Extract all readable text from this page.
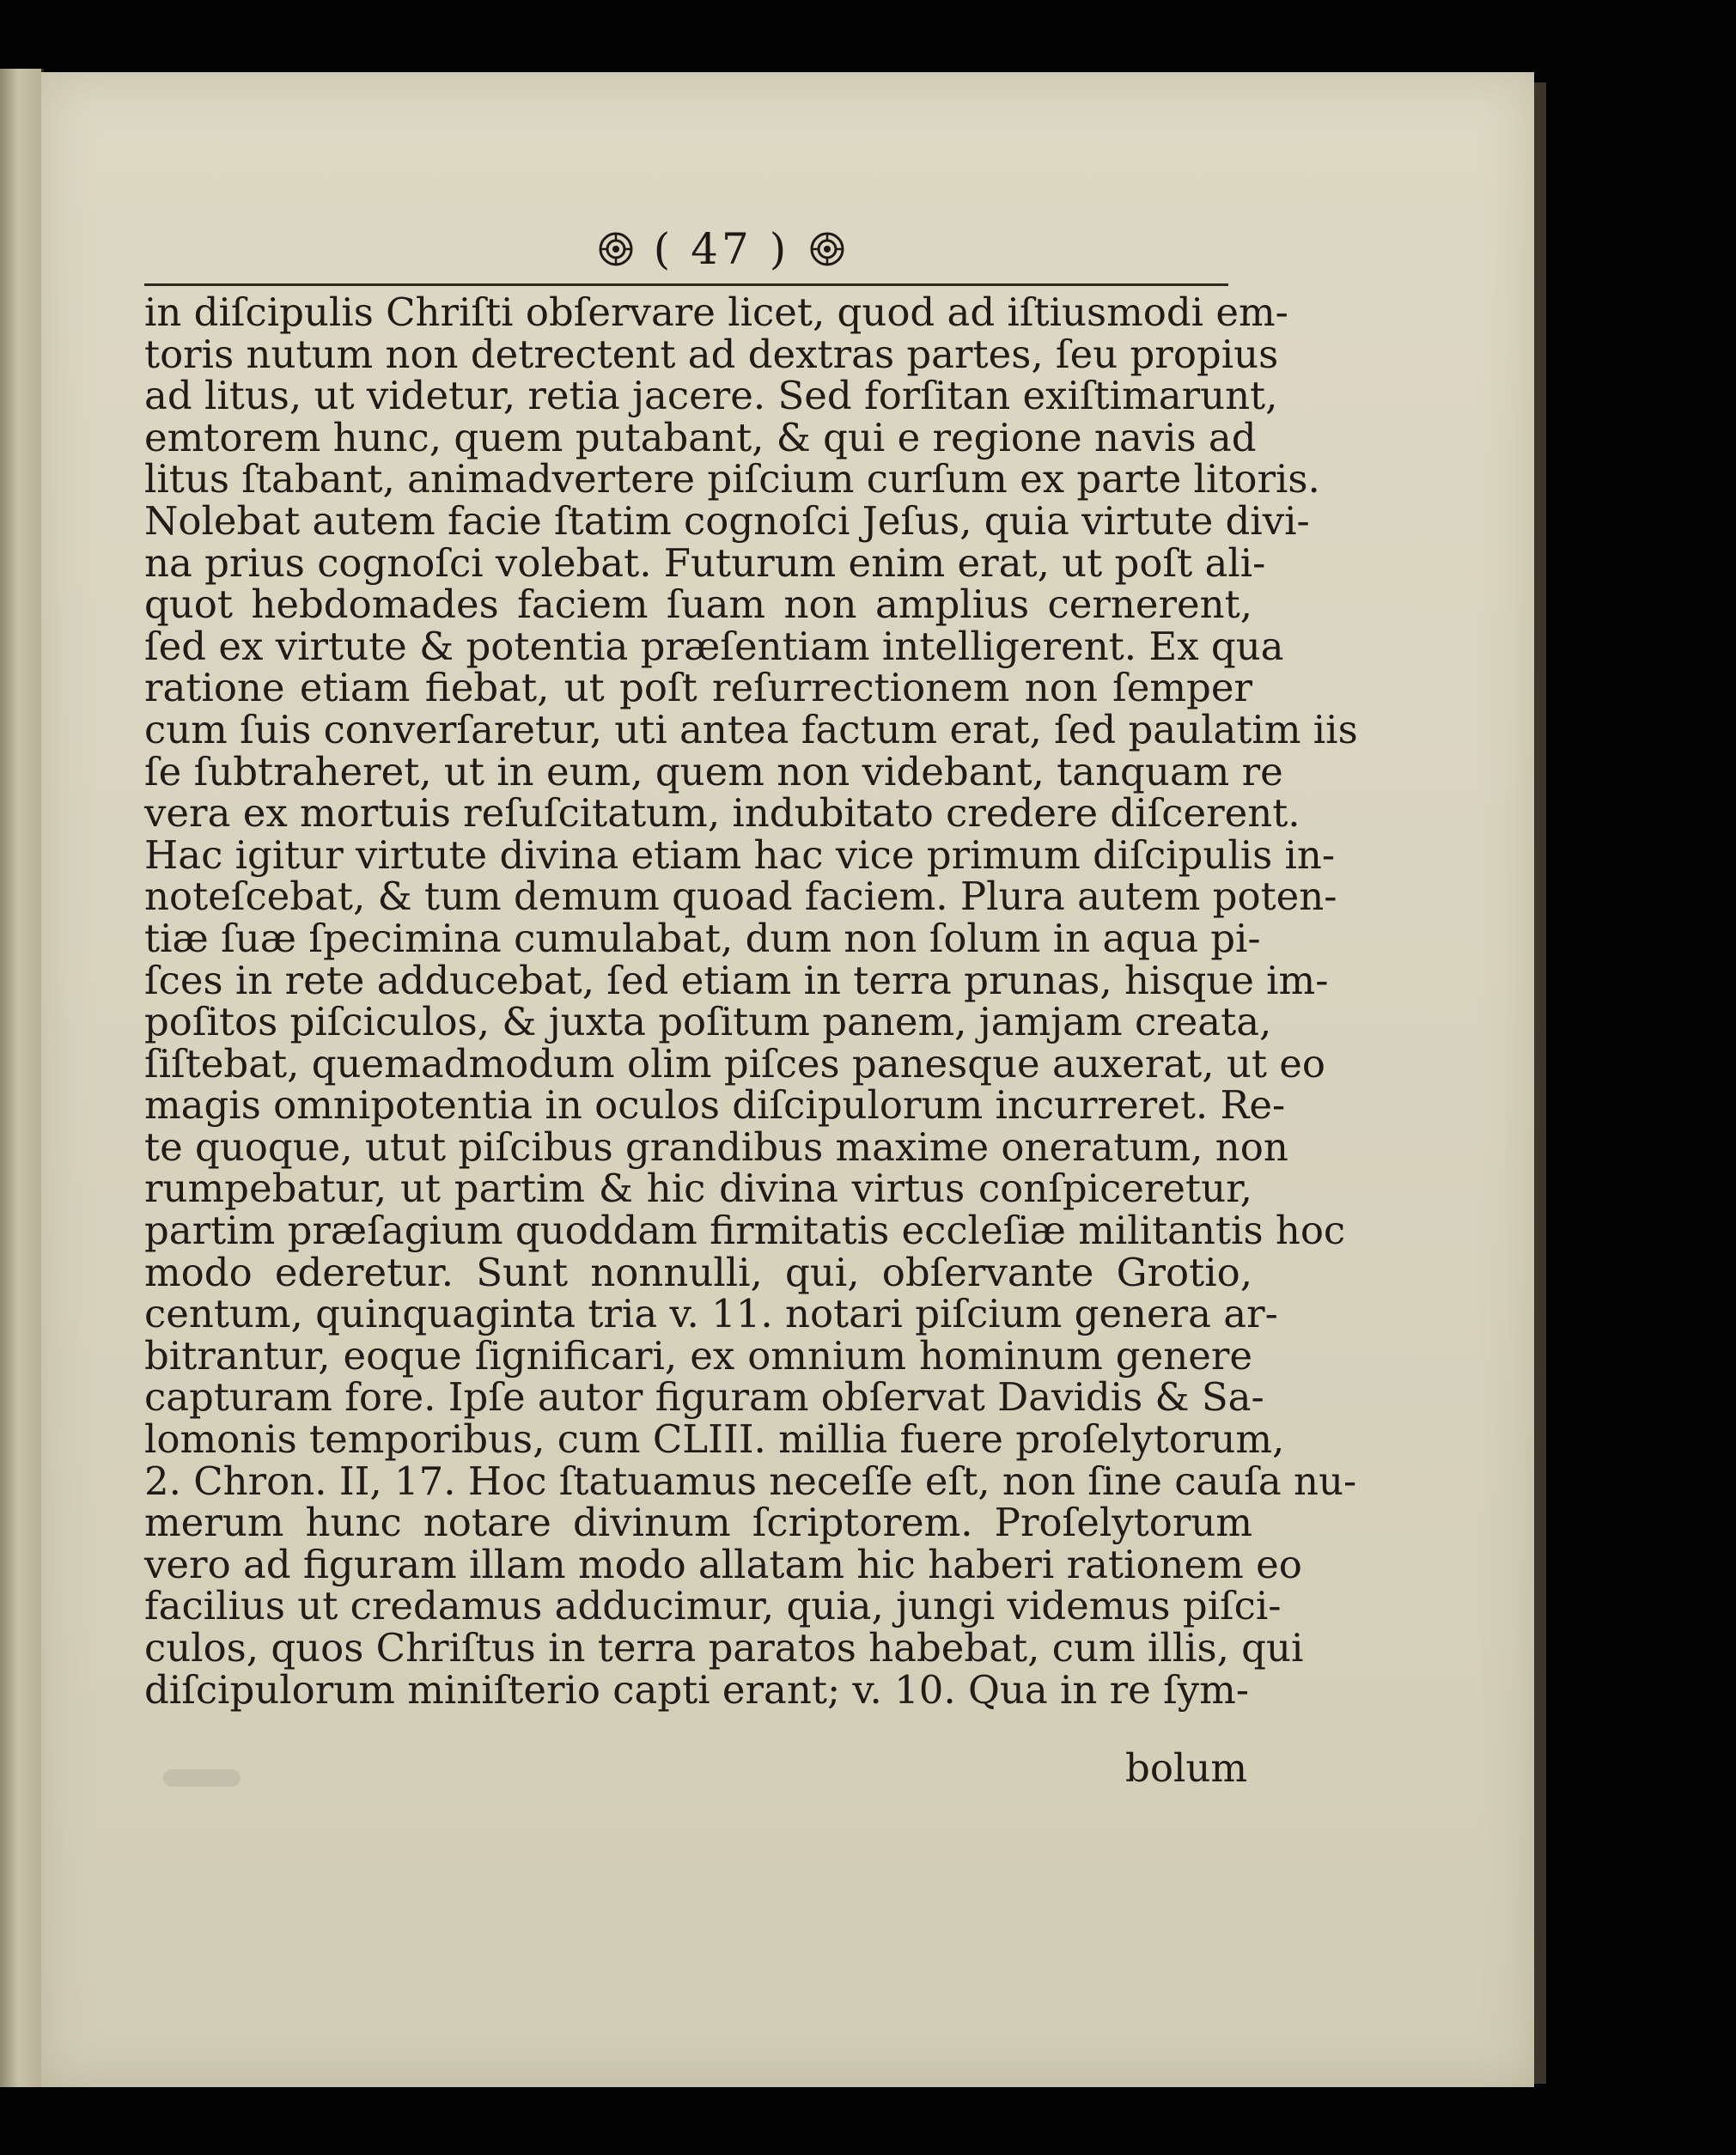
( 47 )
in diſcipulis Chriſti obſervare licet, quod ad iſtiusmodi em-
toris nutum non detrectent ad dextras partes, ſeu propius
ad litus, ut videtur, retia jacere. Sed forſitan exiſtimarunt,
emtorem hunc, quem putabant, & qui e regione navis ad
litus ſtabant, animadvertere piſcium curſum ex parte litoris.
Nolebat autem facie ſtatim cognoſci Jeſus, quia virtute divi-
na prius cognoſci volebat. Futurum enim erat, ut poſt ali-
quot hebdomades faciem ſuam non amplius cernerent,
ſed ex virtute & potentia præſentiam intelligerent. Ex qua
ratione etiam fiebat, ut poſt reſurrectionem non ſemper
cum ſuis converſaretur, uti antea factum erat, ſed paulatim iis
ſe ſubtraheret, ut in eum, quem non videbant, tanquam re
vera ex mortuis reſuſcitatum, indubitato credere diſcerent.
Hac igitur virtute divina etiam hac vice primum diſcipulis in-
noteſcebat, & tum demum quoad faciem. Plura autem poten-
tiæ ſuæ ſpecimina cumulabat, dum non ſolum in aqua pi-
ſces in rete adducebat, ſed etiam in terra prunas, hisque im-
poſitos piſciculos, & juxta poſitum panem, jamjam creata,
ſiſtebat, quemadmodum olim piſces panesque auxerat, ut eo
magis omnipotentia in oculos diſcipulorum incurreret. Re-
te quoque, utut piſcibus grandibus maxime oneratum, non
rumpebatur, ut partim & hic divina virtus conſpiceretur,
partim præſagium quoddam firmitatis eccleſiæ militantis hoc
modo ederetur. Sunt nonnulli, qui, obſervante Grotio,
centum, quinquaginta tria v. 11. notari piſcium genera ar-
bitrantur, eoque ſignificari, ex omnium hominum genere
capturam fore. Ipſe autor figuram obſervat Davidis & Sa-
lomonis temporibus, cum CLIII. millia fuere proſelytorum,
2. Chron. II, 17. Hoc ſtatuamus neceſſe eſt, non ſine cauſa nu-
merum hunc notare divinum ſcriptorem. Proſelytorum
vero ad figuram illam modo allatam hic haberi rationem eo
facilius ut credamus adducimur, quia, jungi videmus piſci-
culos, quos Chriſtus in terra paratos habebat, cum illis, qui
diſcipulorum miniſterio capti erant; v. 10. Qua in re ſym-
bolum
